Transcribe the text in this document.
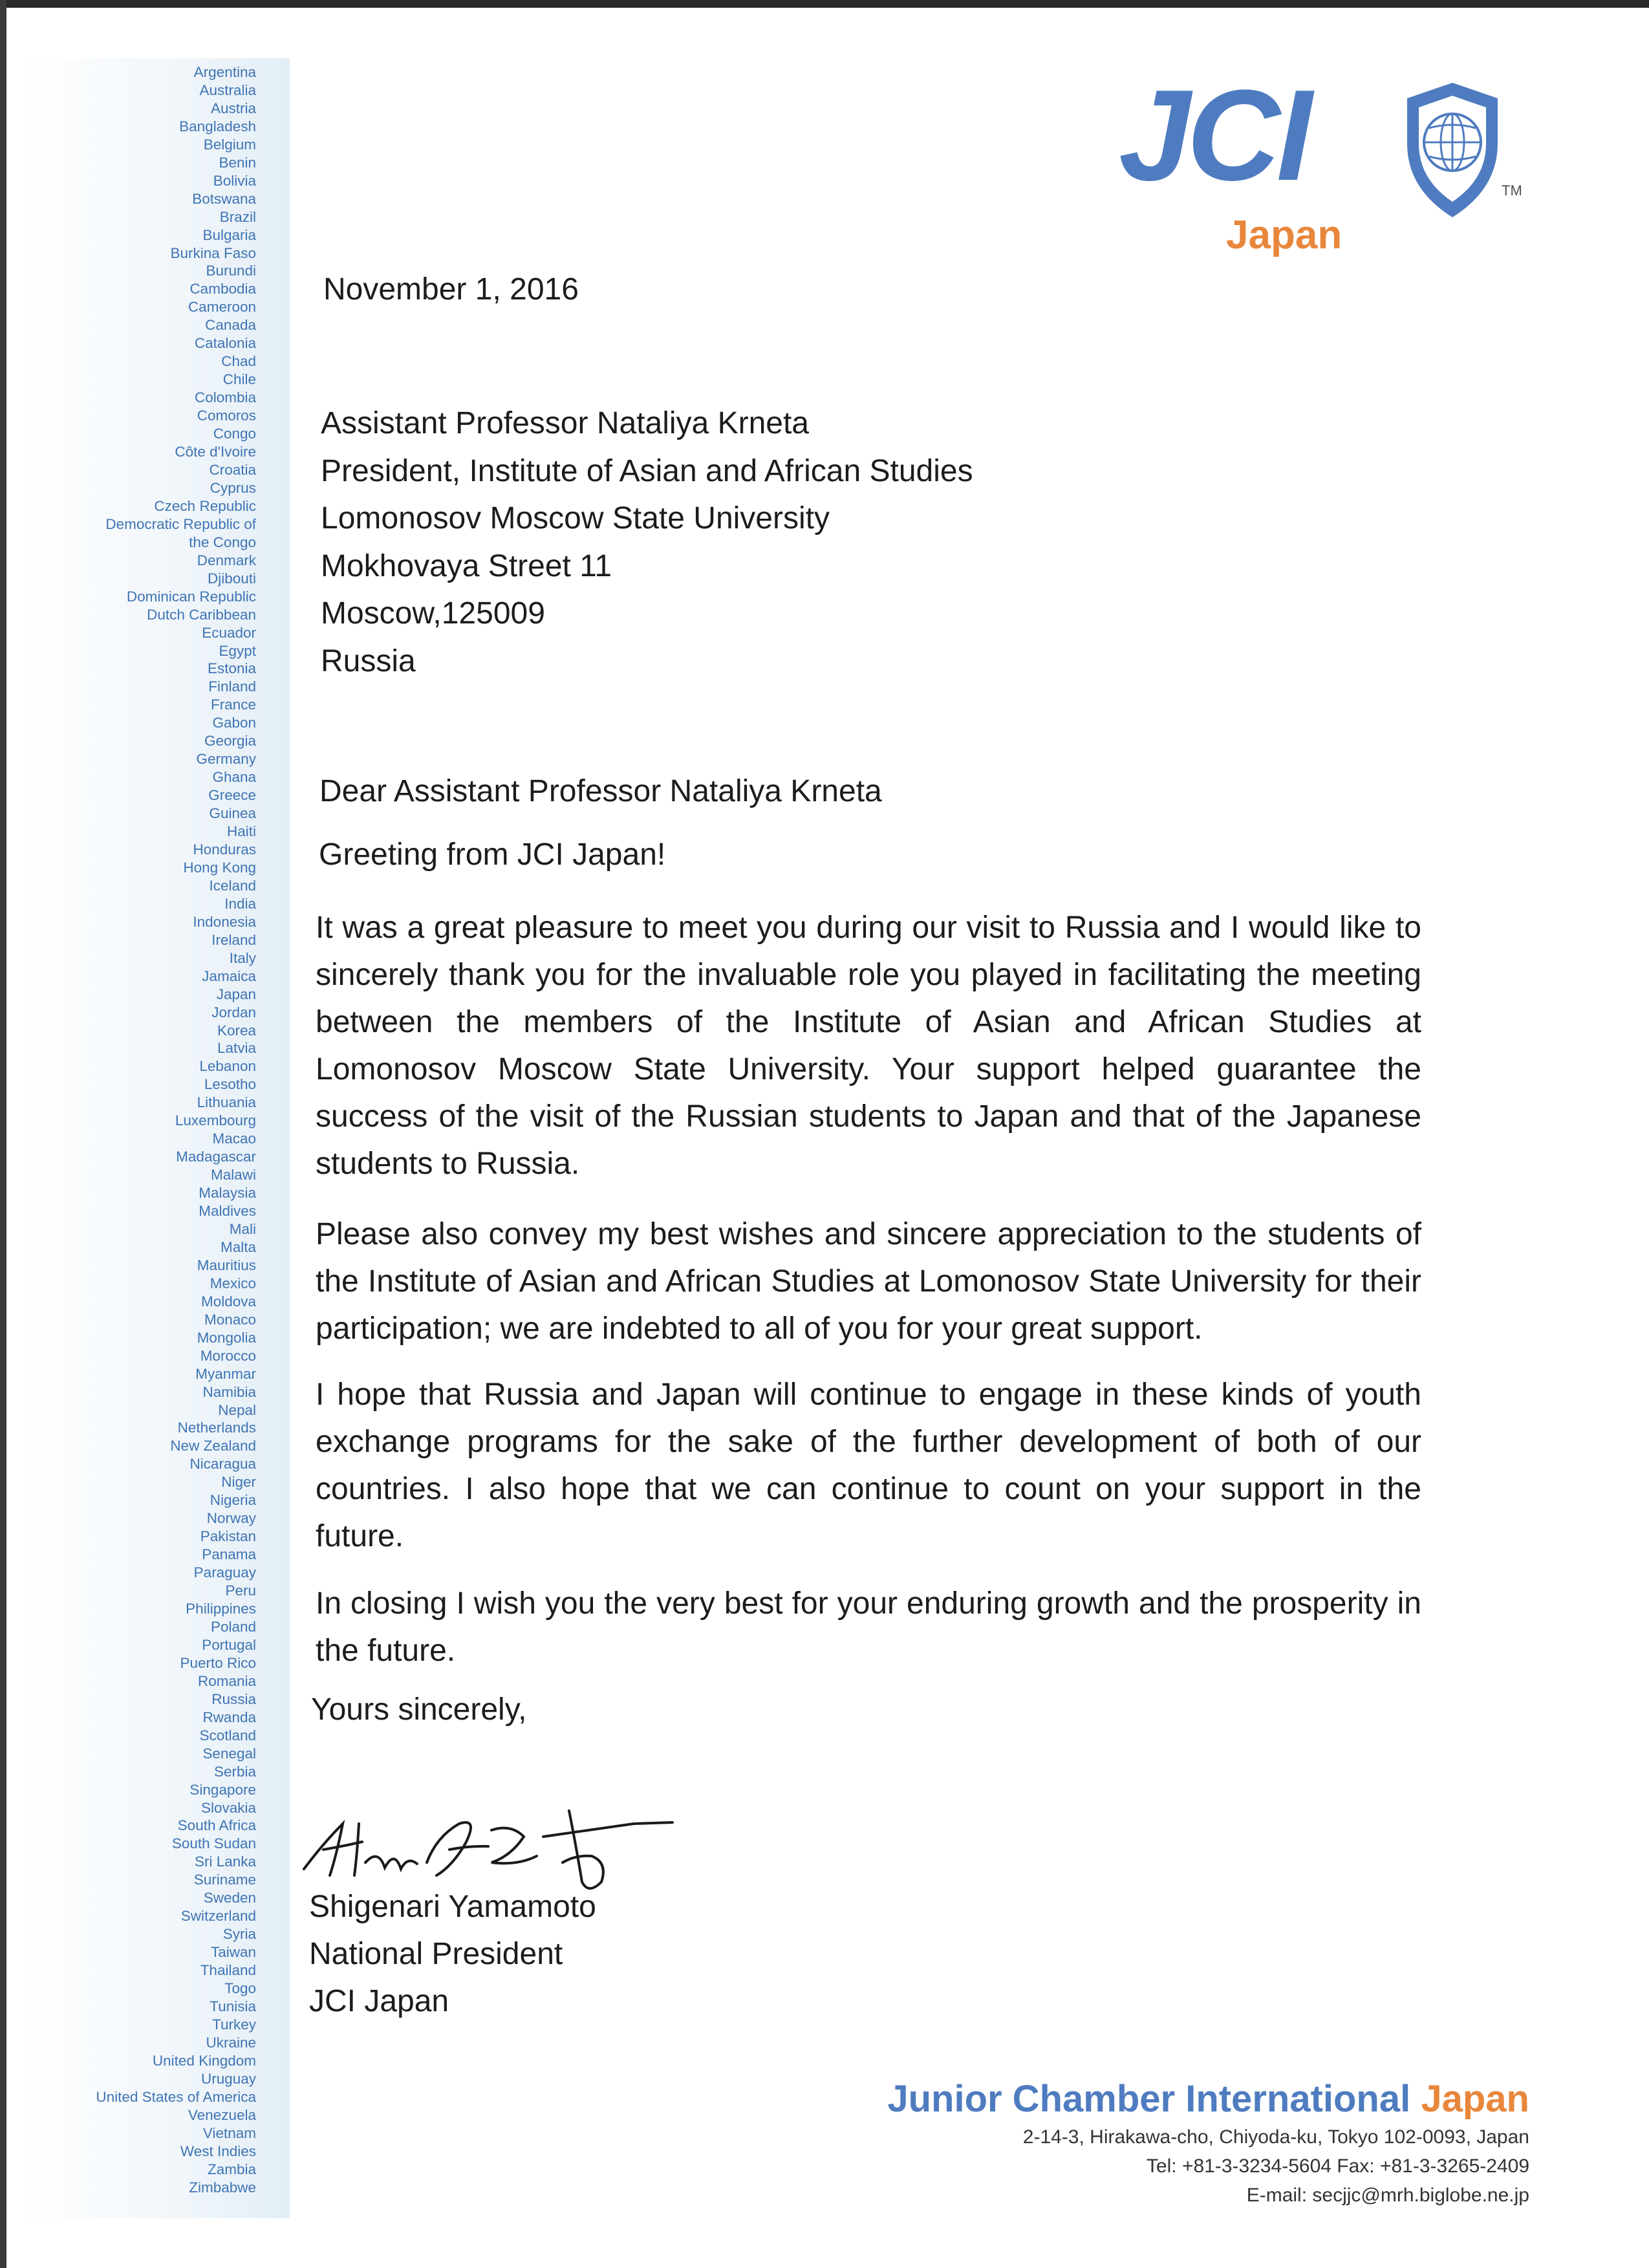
Argentina
Australia
Austria
Bangladesh
Belgium
Benin
Bolivia
Botswana
Brazil
Bulgaria
Burkina Faso
Burundi
Cambodia
Cameroon
Canada
Catalonia
Chad
Chile
Colombia
Comoros
Congo
Côte d'Ivoire
Croatia
Cyprus
Czech Republic
Democratic Republic of
the Congo
Denmark
Djibouti
Dominican Republic
Dutch Caribbean
Ecuador
Egypt
Estonia
Finland
France
Gabon
Georgia
Germany
Ghana
Greece
Guinea
Haiti
Honduras
Hong Kong
Iceland
India
Indonesia
Ireland
Italy
Jamaica
Japan
Jordan
Korea
Latvia
Lebanon
Lesotho
Lithuania
Luxembourg
Macao
Madagascar
Malawi
Malaysia
Maldives
Mali
Malta
Mauritius
Mexico
Moldova
Monaco
Mongolia
Morocco
Myanmar
Namibia
Nepal
Netherlands
New Zealand
Nicaragua
Niger
Nigeria
Norway
Pakistan
Panama
Paraguay
Peru
Philippines
Poland
Portugal
Puerto Rico
Romania
Russia
Rwanda
Scotland
Senegal
Serbia
Singapore
Slovakia
South Africa
South Sudan
Sri Lanka
Suriname
Sweden
Switzerland
Syria
Taiwan
Thailand
Togo
Tunisia
Turkey
Ukraine
United Kingdom
Uruguay
United States of America
Venezuela
Vietnam
West Indies
Zambia
Zimbabwe
JCI	TM
Japan
November 1, 2016
Assistant Professor Nataliya Krneta
President, Institute of Asian and African Studies
Lomonosov Moscow State University
Mokhovaya Street 11
Moscow,125009
Russia
Dear Assistant Professor Nataliya Krneta
Greeting from JCI Japan!
It was a great pleasure to meet you during our visit to Russia and I would like to sincerely thank you for the invaluable role you played in facilitating the meeting between the members of the Institute of Asian and African Studies at Lomonosov Moscow State University. Your support helped guarantee the success of the visit of the Russian students to Japan and that of the Japanese students to Russia.
Please also convey my best wishes and sincere appreciation to the students of the Institute of Asian and African Studies at Lomonosov State University for their participation; we are indebted to all of you for your great support.
I hope that Russia and Japan will continue to engage in these kinds of youth exchange programs for the sake of the further development of both of our countries. I also hope that we can continue to count on your support in the future.
In closing I wish you the very best for your enduring growth and the prosperity in the future.
Yours sincerely,
Shigenari Yamamoto
National President
JCI Japan
Junior Chamber International Japan
2-14-3, Hirakawa-cho, Chiyoda-ku, Tokyo 102-0093, Japan
Tel: +81-3-3234-5604 Fax: +81-3-3265-2409
E-mail: secjjc@mrh.biglobe.ne.jp
